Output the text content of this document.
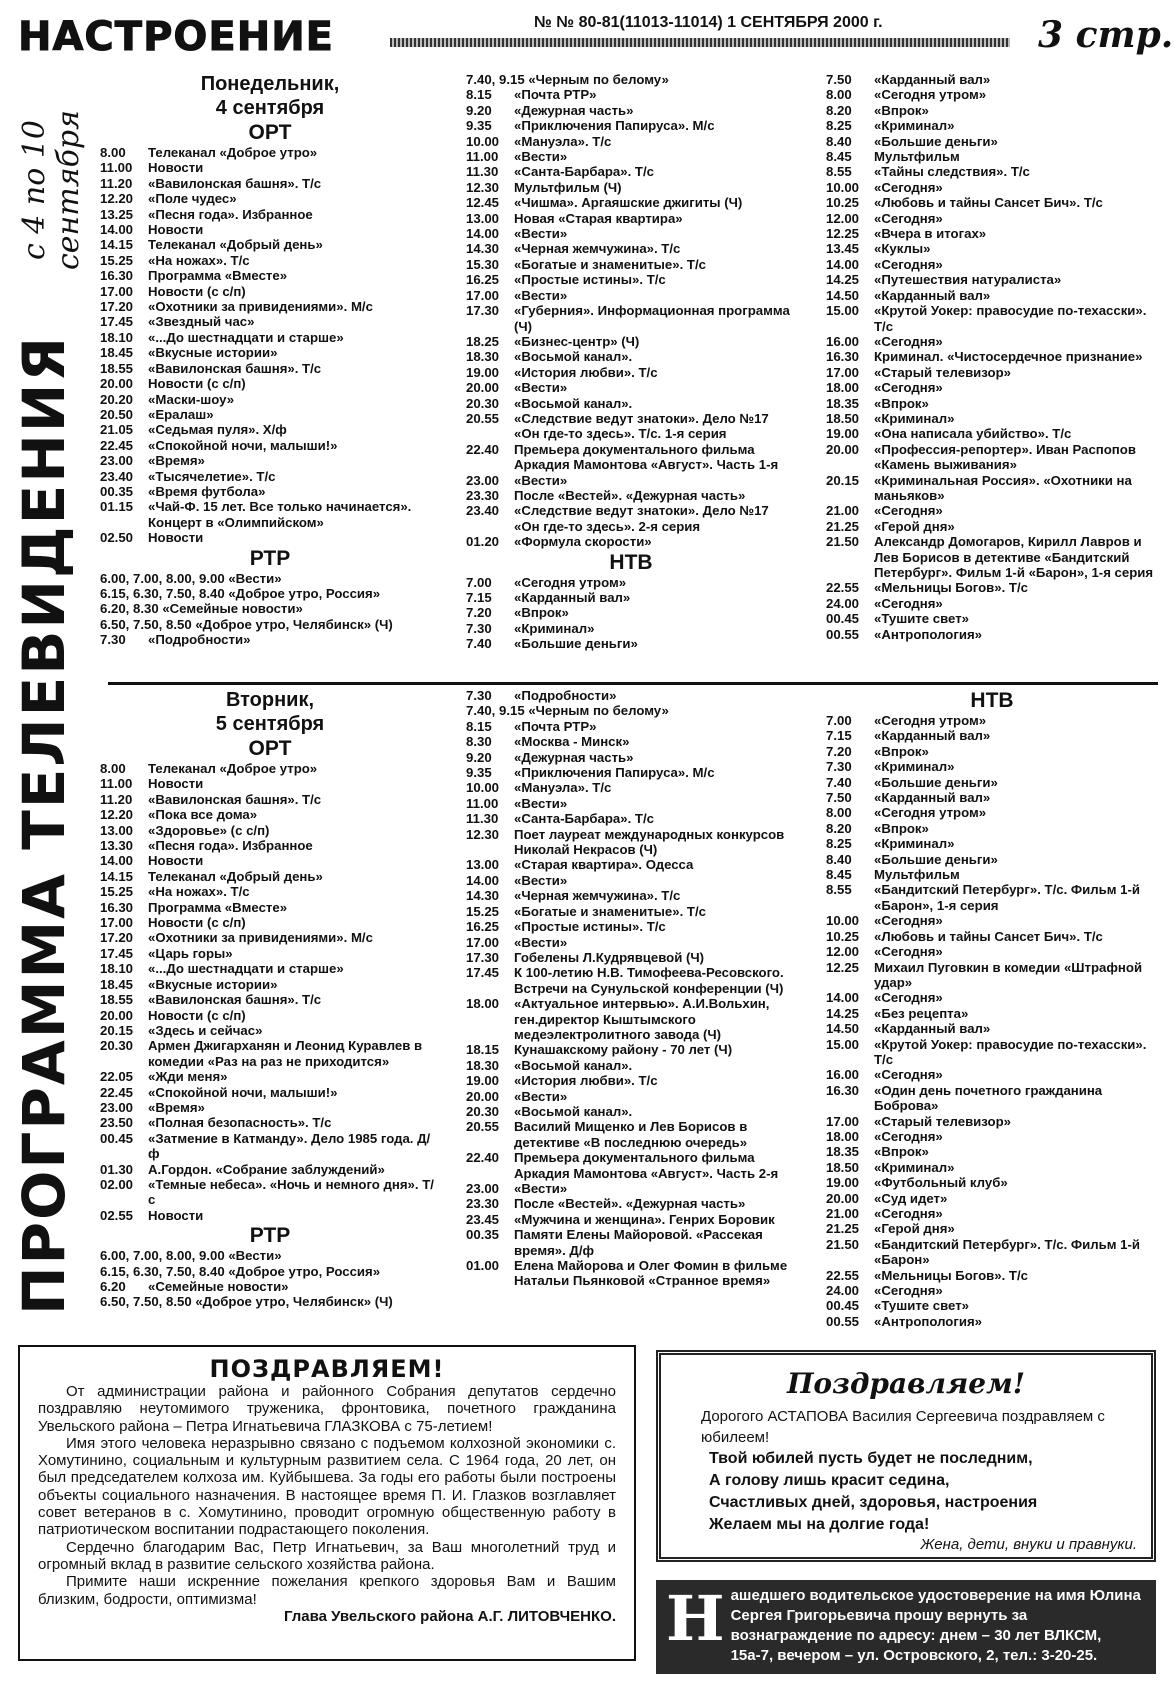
НАСТРОЕНИЕ	№ № 80-81(11013-11014) 1 СЕНТЯБРЯ 2000 г.	3 стр.
с 4 по 10
сентября
ПРОГРАММА ТЕЛЕВИДЕНИЯ
Понедельник,
4 сентября
ОРТ
8.00	Телеканал «Доброе утро»
11.00	Новости
11.20	«Вавилонская башня». Т/с
12.20	«Поле чудес»
13.25	«Песня года». Избранное
14.00	Новости
14.15	Телеканал «Добрый день»
15.25	«На ножах». Т/с
16.30	Программа «Вместе»
17.00	Новости (с с/п)
17.20	«Охотники за привидениями». М/с
17.45	«Звездный час»
18.10	«...До шестнадцати и старше»
18.45	«Вкусные истории»
18.55	«Вавилонская башня». Т/с
20.00	Новости (с с/п)
20.20	«Маски-шоу»
20.50	«Ералаш»
21.05	«Седьмая пуля». Х/ф
22.45	«Спокойной ночи, малыши!»
23.00	«Время»
23.40	«Тысячелетие». Т/с
00.35	«Время футбола»
01.15	«Чай-Ф. 15 лет. Все только начинается». Концерт в «Олимпийском»
02.50	Новости
РТР
6.00, 7.00, 8.00, 9.00 «Вести»
6.15, 6.30, 7.50, 8.40 «Доброе утро, Россия»
6.20, 8.30 «Семейные новости»
6.50, 7.50, 8.50 «Доброе утро, Челябинск» (Ч)
7.30	«Подробности»
7.40, 9.15 «Черным по белому»
8.15	«Почта РТР»
9.20	«Дежурная часть»
9.35	«Приключения Папируса». М/с
10.00	«Мануэла». Т/с
11.00	«Вести»
11.30	«Санта-Барбара». Т/с
12.30	Мультфильм (Ч)
12.45	«Чишма». Аргаяшские джигиты (Ч)
13.00	Новая «Старая квартира»
14.00	«Вести»
14.30	«Черная жемчужина». Т/с
15.30	«Богатые и знаменитые». Т/с
16.25	«Простые истины». Т/с
17.00	«Вести»
17.30	«Губерния». Информационная программа (Ч)
18.25	«Бизнес-центр» (Ч)
18.30	«Восьмой канал».
19.00	«История любви». Т/с
20.00	«Вести»
20.30	«Восьмой канал».
20.55	«Следствие ведут знатоки». Дело №17 «Он где-то здесь». Т/с. 1-я серия
22.40	Премьера документального фильма Аркадия Мамонтова «Август». Часть 1-я
23.00	«Вести»
23.30	После «Вестей». «Дежурная часть»
23.40	«Следствие ведут знатоки». Дело №17 «Он где-то здесь». 2-я серия
01.20	«Формула скорости»
НТВ
7.00	«Сегодня утром»
7.15	«Карданный вал»
7.20	«Впрок»
7.30	«Криминал»
7.40	«Большие деньги»
7.50	«Карданный вал»
8.00	«Сегодня утром»
8.20	«Впрок»
8.25	«Криминал»
8.40	«Большие деньги»
8.45	Мультфильм
8.55	«Тайны следствия». Т/с
10.00	«Сегодня»
10.25	«Любовь и тайны Сансет Бич». Т/с
12.00	«Сегодня»
12.25	«Вчера в итогах»
13.45	«Куклы»
14.00	«Сегодня»
14.25	«Путешествия натуралиста»
14.50	«Карданный вал»
15.00	«Крутой Уокер: правосудие по-техасски». Т/с
16.00	«Сегодня»
16.30	Криминал. «Чистосердечное признание»
17.00	«Старый телевизор»
18.00	«Сегодня»
18.35	«Впрок»
18.50	«Криминал»
19.00	«Она написала убийство». Т/с
20.00	«Профессия-репортер». Иван Распопов «Камень выживания»
20.15	«Криминальная Россия». «Охотники на маньяков»
21.00	«Сегодня»
21.25	«Герой дня»
21.50	Александр Домогаров, Кирилл Лавров и Лев Борисов в детективе «Бандитский Петербург». Фильм 1-й «Барон», 1-я серия
22.55	«Мельницы Богов». Т/с
24.00	«Сегодня»
00.45	«Тушите свет»
00.55	«Антропология»
Вторник,
5 сентября
ОРТ
8.00	Телеканал «Доброе утро»
11.00	Новости
11.20	«Вавилонская башня». Т/с
12.20	«Пока все дома»
13.00	«Здоровье» (с с/п)
13.30	«Песня года». Избранное
14.00	Новости
14.15	Телеканал «Добрый день»
15.25	«На ножах». Т/с
16.30	Программа «Вместе»
17.00	Новости (с с/п)
17.20	«Охотники за привидениями». М/с
17.45	«Царь горы»
18.10	«...До шестнадцати и старше»
18.45	«Вкусные истории»
18.55	«Вавилонская башня». Т/с
20.00	Новости (с с/п)
20.15	«Здесь и сейчас»
20.30	Армен Джигарханян и Леонид Куравлев в комедии «Раз на раз не приходится»
22.05	«Жди меня»
22.45	«Спокойной ночи, малыши!»
23.00	«Время»
23.50	«Полная безопасность». Т/с
00.45	«Затмение в Катманду». Дело 1985 года. Д/ф
01.30	А.Гордон. «Собрание заблуждений»
02.00	«Темные небеса». «Ночь и немного дня». Т/с
02.55	Новости
РТР
6.00, 7.00, 8.00, 9.00 «Вести»
6.15, 6.30, 7.50, 8.40 «Доброе утро, Россия»
6.20	«Семейные новости»
6.50, 7.50, 8.50 «Доброе утро, Челябинск» (Ч)
7.30	«Подробности»
7.40, 9.15 «Черным по белому»
8.15	«Почта РТР»
8.30	«Москва - Минск»
9.20	«Дежурная часть»
9.35	«Приключения Папируса». М/с
10.00	«Мануэла». Т/с
11.00	«Вести»
11.30	«Санта-Барбара». Т/с
12.30	Поет лауреат международных конкурсов Николай Некрасов (Ч)
13.00	«Старая квартира». Одесса
14.00	«Вести»
14.30	«Черная жемчужина». Т/с
15.25	«Богатые и знаменитые». Т/с
16.25	«Простые истины». Т/с
17.00	«Вести»
17.30	Гобелены Л.Кудрявцевой (Ч)
17.45	К 100-летию Н.В. Тимофеева-Ресовского. Встречи на Сунульской конференции (Ч)
18.00	«Актуальное интервью». А.И.Вольхин, ген.директор Кыштымского медеэлектролитного завода (Ч)
18.15	Кунашакскому району - 70 лет (Ч)
18.30	«Восьмой канал».
19.00	«История любви». Т/с
20.00	«Вести»
20.30	«Восьмой канал».
20.55	Василий Мищенко и Лев Борисов в детективе «В последнюю очередь»
22.40	Премьера документального фильма Аркадия Мамонтова «Август». Часть 2-я
23.00	«Вести»
23.30	После «Вестей». «Дежурная часть»
23.45	«Мужчина и женщина». Генрих Боровик
00.35	Памяти Елены Майоровой. «Рассекая время». Д/ф
01.00	Елена Майорова и Олег Фомин в фильме Натальи Пьянковой «Странное время»
НТВ
7.00	«Сегодня утром»
7.15	«Карданный вал»
7.20	«Впрок»
7.30	«Криминал»
7.40	«Большие деньги»
7.50	«Карданный вал»
8.00	«Сегодня утром»
8.20	«Впрок»
8.25	«Криминал»
8.40	«Большие деньги»
8.45	Мультфильм
8.55	«Бандитский Петербург». Т/с. Фильм 1-й «Барон», 1-я серия
10.00	«Сегодня»
10.25	«Любовь и тайны Сансет Бич». Т/с
12.00	«Сегодня»
12.25	Михаил Пуговкин в комедии «Штрафной удар»
14.00	«Сегодня»
14.25	«Без рецепта»
14.50	«Карданный вал»
15.00	«Крутой Уокер: правосудие по-техасски». Т/с
16.00	«Сегодня»
16.30	«Один день почетного гражданина Боброва»
17.00	«Старый телевизор»
18.00	«Сегодня»
18.35	«Впрок»
18.50	«Криминал»
19.00	«Футбольный клуб»
20.00	«Суд идет»
21.00	«Сегодня»
21.25	«Герой дня»
21.50	«Бандитский Петербург». Т/с. Фильм 1-й «Барон»
22.55	«Мельницы Богов». Т/с
24.00	«Сегодня»
00.45	«Тушите свет»
00.55	«Антропология»
ПОЗДРАВЛЯЕМ!

От администрации района и районного Собрания депутатов сердечно поздравляю неутомимого труженика, фронтовика, почетного гражданина Увельского района – Петра Игнатьевича ГЛАЗКОВА с 75-летием!

Имя этого человека неразрывно связано с подъемом колхозной экономики с. Хомутинино, социальным и культурным развитием села. С 1964 года, 20 лет, он был председателем колхоза им. Куйбышева. За годы его работы были построены объекты социального назначения. В настоящее время П. И. Глазков возглавляет совет ветеранов в с. Хомутинино, проводит огромную общественную работу в патриотическом воспитании подрастающего поколения.

Сердечно благодарим Вас, Петр Игнатьевич, за Ваш многолетний труд и огромный вклад в развитие сельского хозяйства района.

Примите наши искренние пожелания крепкого здоровья Вам и Вашим близким, бодрости, оптимизма!

Глава Увельского района А.Г. ЛИТОВЧЕНКО.
Поздравляем!
Дорогого АСТАПОВА Василия Сергеевича поздравляем с юбилеем!
Твой юбилей пусть будет не последним,
А голову лишь красит седина,
Счастливых дней, здоровья, настроения
Желаем мы на долгие года!
Жена, дети, внуки и правнуки.
Н ашедшего водительское удостоверение на имя Юлина Сергея Григорьевича прошу вернуть за вознаграждение по адресу: днем – 30 лет ВЛКСМ, 15а-7, вечером – ул. Островского, 2, тел.: 3-20-25.
